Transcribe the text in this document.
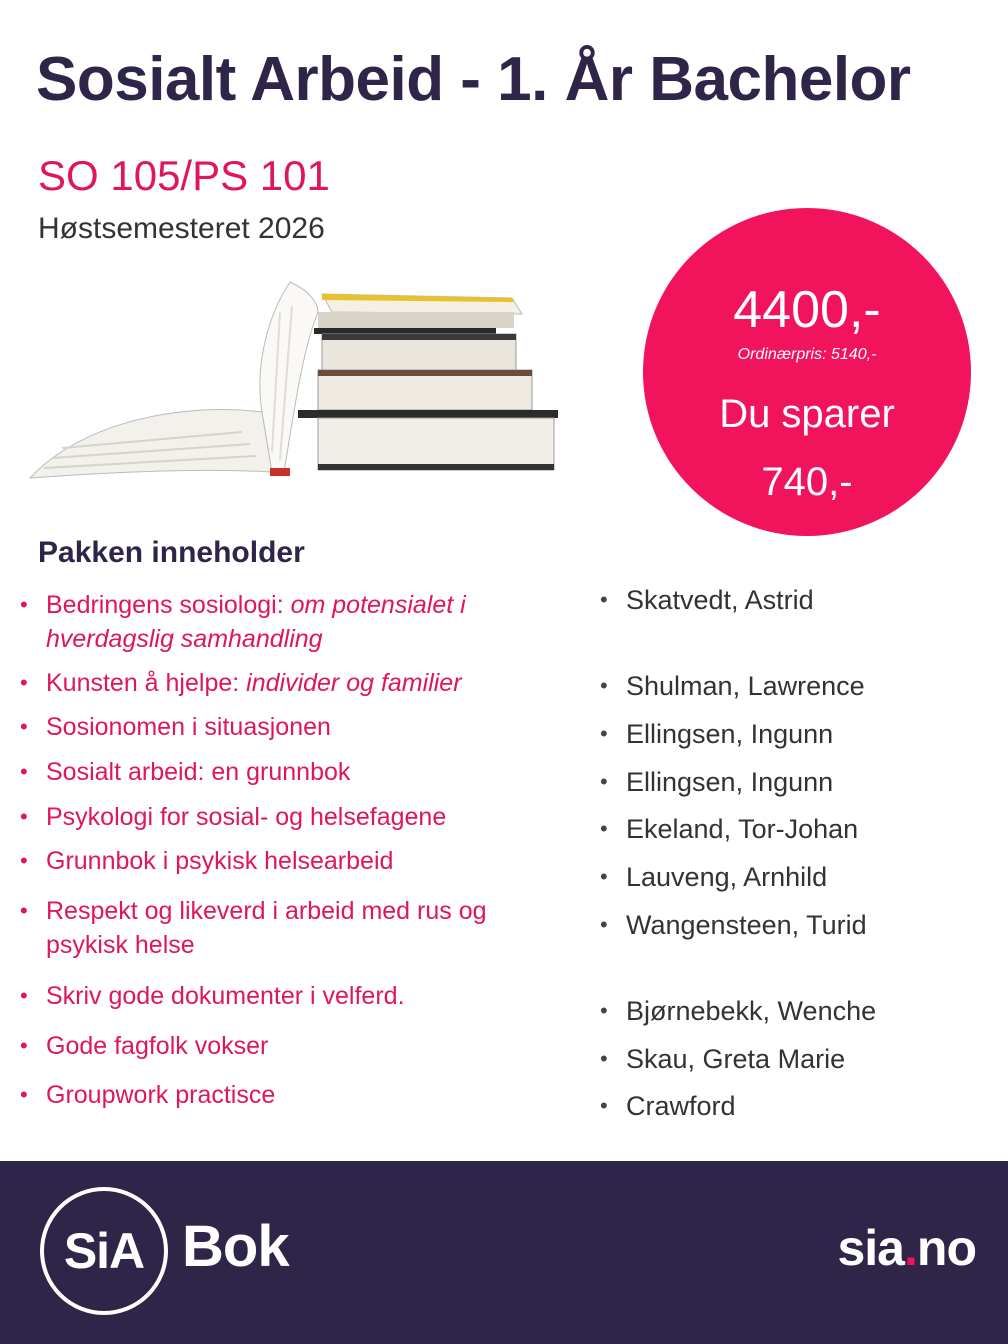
Sosialt Arbeid - 1. År Bachelor
SO 105/PS 101
Høstsemesteret 2026
4400,-
Ordinærpris: 5140,-
Du sparer
740,-
Pakken inneholder
• Bedringens sosiologi: om potensialet i hverdagslig samhandling
• Kunsten å hjelpe: individer og familier
• Sosionomen i situasjonen
• Sosialt arbeid: en grunnbok
• Psykologi for sosial- og helsefagene
• Grunnbok i psykisk helsearbeid
• Respekt og likeverd i arbeid med rus og psykisk helse
• Skriv gode dokumenter i velferd.
• Gode fagfolk vokser
• Groupwork practisce
• Skatvedt, Astrid
• Shulman, Lawrence
• Ellingsen, Ingunn
• Ellingsen, Ingunn
• Ekeland, Tor-Johan
• Lauveng, Arnhild
• Wangensteen, Turid
• Bjørnebekk, Wenche
• Skau, Greta Marie
• Crawford
SiA Bok	sia.no
